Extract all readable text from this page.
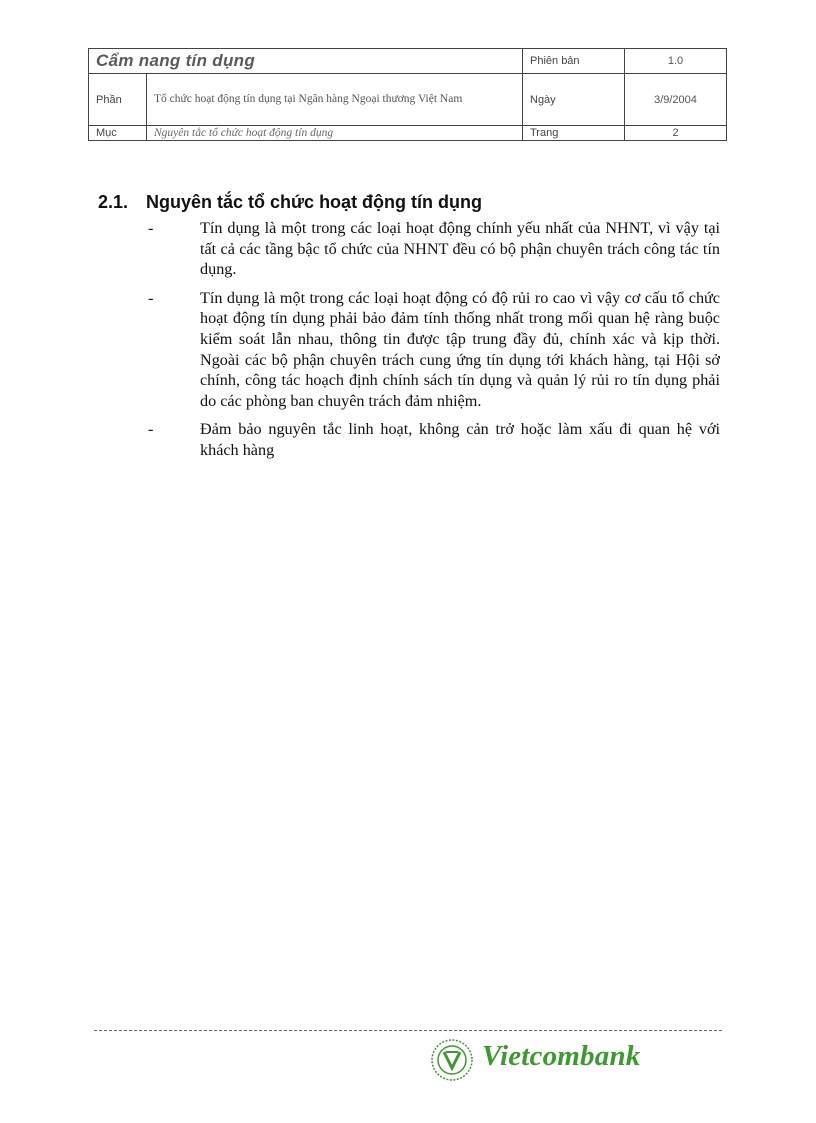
Cẩm nang tín dụng		Phiên bản	1.0
Phần	Tổ chức hoạt động tín dụng tại Ngân hàng Ngoại thương Việt Nam	Ngày	3/9/2004
Mục	Nguyên tắc tổ chức hoạt động tín dụng	Trang	2
2.1. Nguyên tắc tổ chức hoạt động tín dụng
-	Tín dụng là một trong các loại hoạt động chính yếu nhất của NHNT, vì vậy tại tất cả các tầng bậc tổ chức của NHNT đều có bộ phận chuyên trách công tác tín dụng.
-	Tín dụng là một trong các loại hoạt động có độ rủi ro cao vì vậy cơ cấu tổ chức hoạt động tín dụng phải bảo đảm tính thống nhất trong mối quan hệ ràng buộc kiểm soát lẫn nhau, thông tin được tập trung đầy đủ, chính xác và kịp thời. Ngoài các bộ phận chuyên trách cung ứng tín dụng tới khách hàng, tại Hội sở chính, công tác hoạch định chính sách tín dụng và quản lý rủi ro tín dụng phải do các phòng ban chuyên trách đảm nhiệm.
-	Đảm bảo nguyên tắc linh hoạt, không cản trở hoặc làm xấu đi quan hệ với khách hàng
Vietcombank
